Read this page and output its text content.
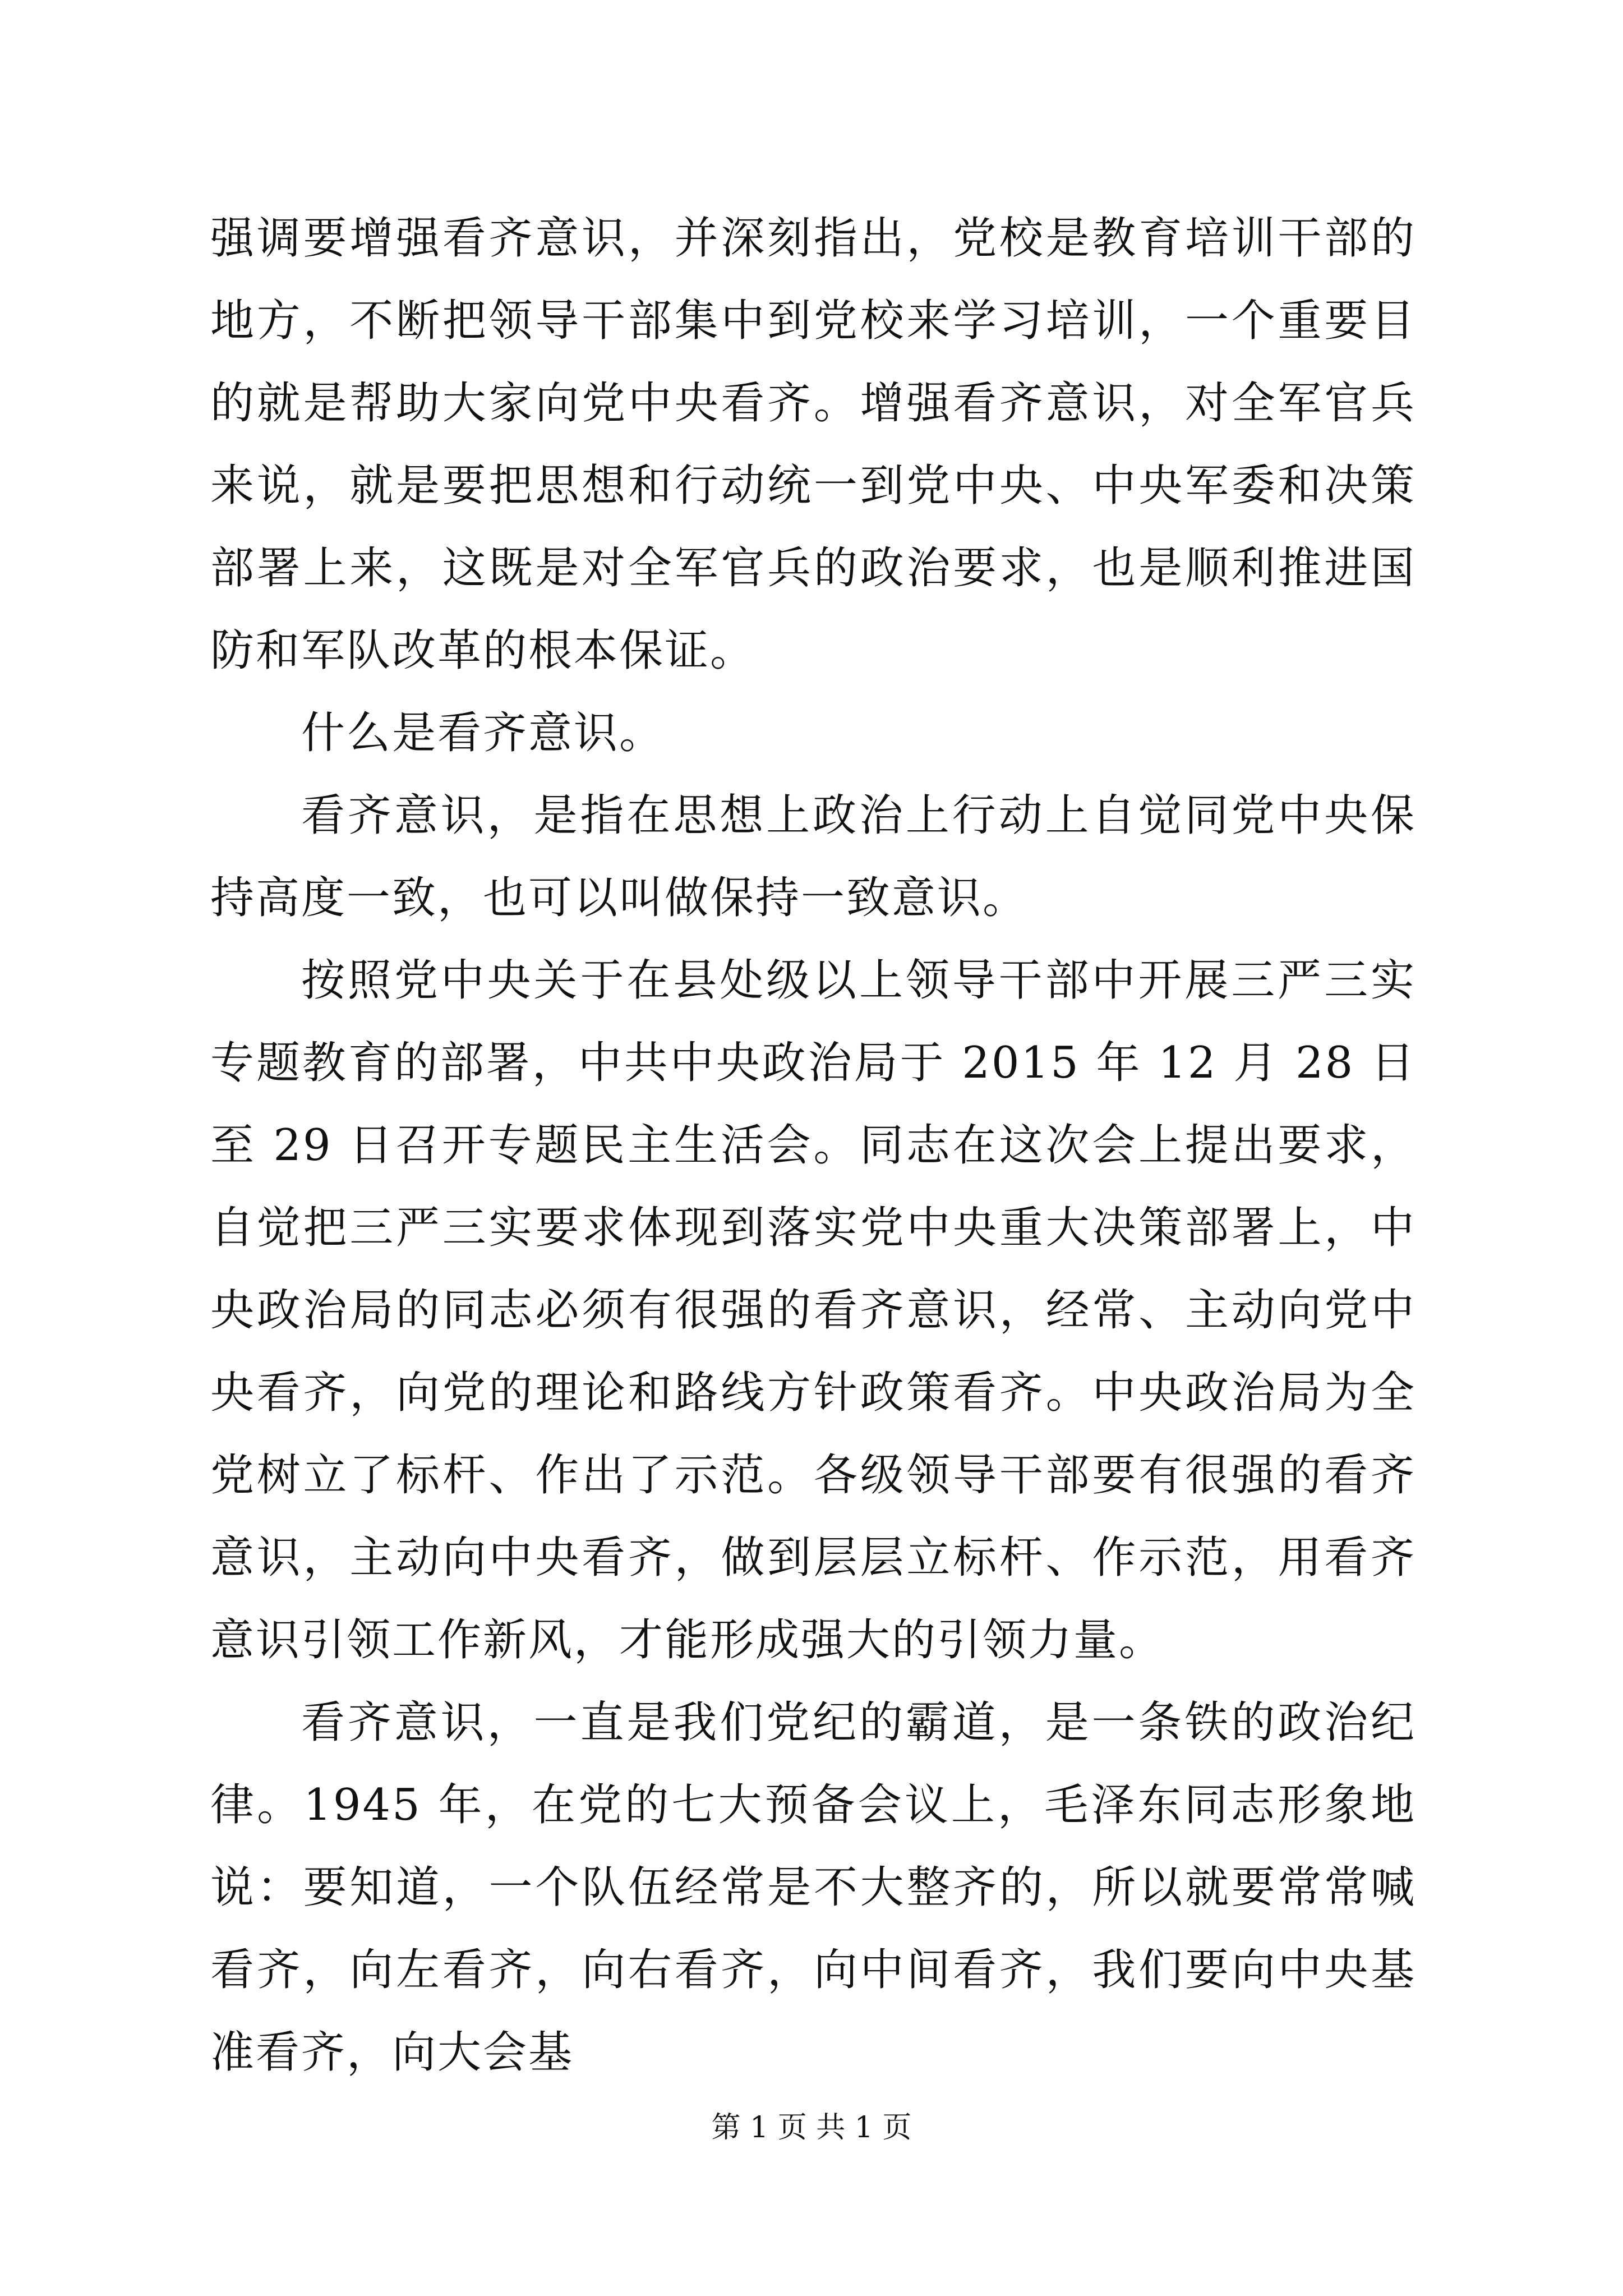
强调要增强看齐意识，并深刻指出，党校是教育培训干部的地方，不断把领导干部集中到党校来学习培训，一个重要目的就是帮助大家向党中央看齐。增强看齐意识，对全军官兵来说，就是要把思想和行动统一到党中央、中央军委和决策部署上来，这既是对全军官兵的政治要求，也是顺利推进国防和军队改革的根本保证。

什么是看齐意识。

看齐意识，是指在思想上政治上行动上自觉同党中央保持高度一致，也可以叫做保持一致意识。

按照党中央关于在县处级以上领导干部中开展三严三实专题教育的部署，中共中央政治局于 2015 年 12 月 28 日至 29 日召开专题民主生活会。同志在这次会上提出要求，自觉把三严三实要求体现到落实党中央重大决策部署上，中央政治局的同志必须有很强的看齐意识，经常、主动向党中央看齐，向党的理论和路线方针政策看齐。中央政治局为全党树立了标杆、作出了示范。各级领导干部要有很强的看齐意识，主动向中央看齐，做到层层立标杆、作示范，用看齐意识引领工作新风，才能形成强大的引领力量。

看齐意识，一直是我们党纪的霸道，是一条铁的政治纪律。1945 年，在党的七大预备会议上，毛泽东同志形象地说：要知道，一个队伍经常是不大整齐的，所以就要常常喊看齐，向左看齐，向右看齐，向中间看齐，我们要向中央基准看齐，向大会基

第 1 页 共 1 页
